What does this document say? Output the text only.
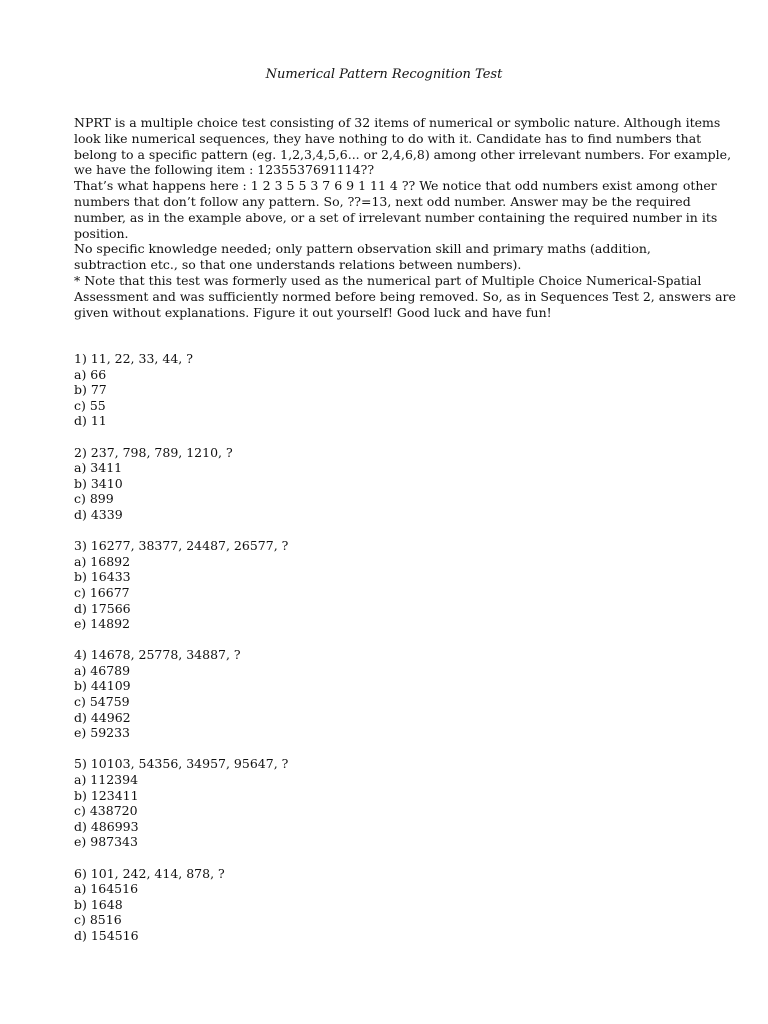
Numerical Pattern Recognition Test
NPRT is a multiple choice test consisting of 32 items of numerical or symbolic nature. Although items
look like numerical sequences, they have nothing to do with it. Candidate has to find numbers that
belong to a specific pattern (eg. 1,2,3,4,5,6... or 2,4,6,8) among other irrelevant numbers. For example,
we have the following item : 1235537691114??
That’s what happens here : 1 2 3 5 5 3 7 6 9 1 11 4 ?? We notice that odd numbers exist among other
numbers that don’t follow any pattern. So, ??=13, next odd number. Answer may be the required
number, as in the example above, or a set of irrelevant number containing the required number in its
position.
No specific knowledge needed; only pattern observation skill and primary maths (addition,
subtraction etc., so that one understands relations between numbers).
* Note that this test was formerly used as the numerical part of Multiple Choice Numerical-Spatial
Assessment and was sufficiently normed before being removed. So, as in Sequences Test 2, answers are
given without explanations. Figure it out yourself! Good luck and have fun!
1) 11, 22, 33, 44, ?
a) 66
b) 77
c) 55
d) 11
2) 237, 798, 789, 1210, ?
a) 3411
b) 3410
c) 899
d) 4339
3) 16277, 38377, 24487, 26577, ?
a) 16892
b) 16433
c) 16677
d) 17566
e) 14892
4) 14678, 25778, 34887, ?
a) 46789
b) 44109
c) 54759
d) 44962
e) 59233
5) 10103, 54356, 34957, 95647, ?
a) 112394
b) 123411
c) 438720
d) 486993
e) 987343
6) 101, 242, 414, 878, ?
a) 164516
b) 1648
c) 8516
d) 154516
